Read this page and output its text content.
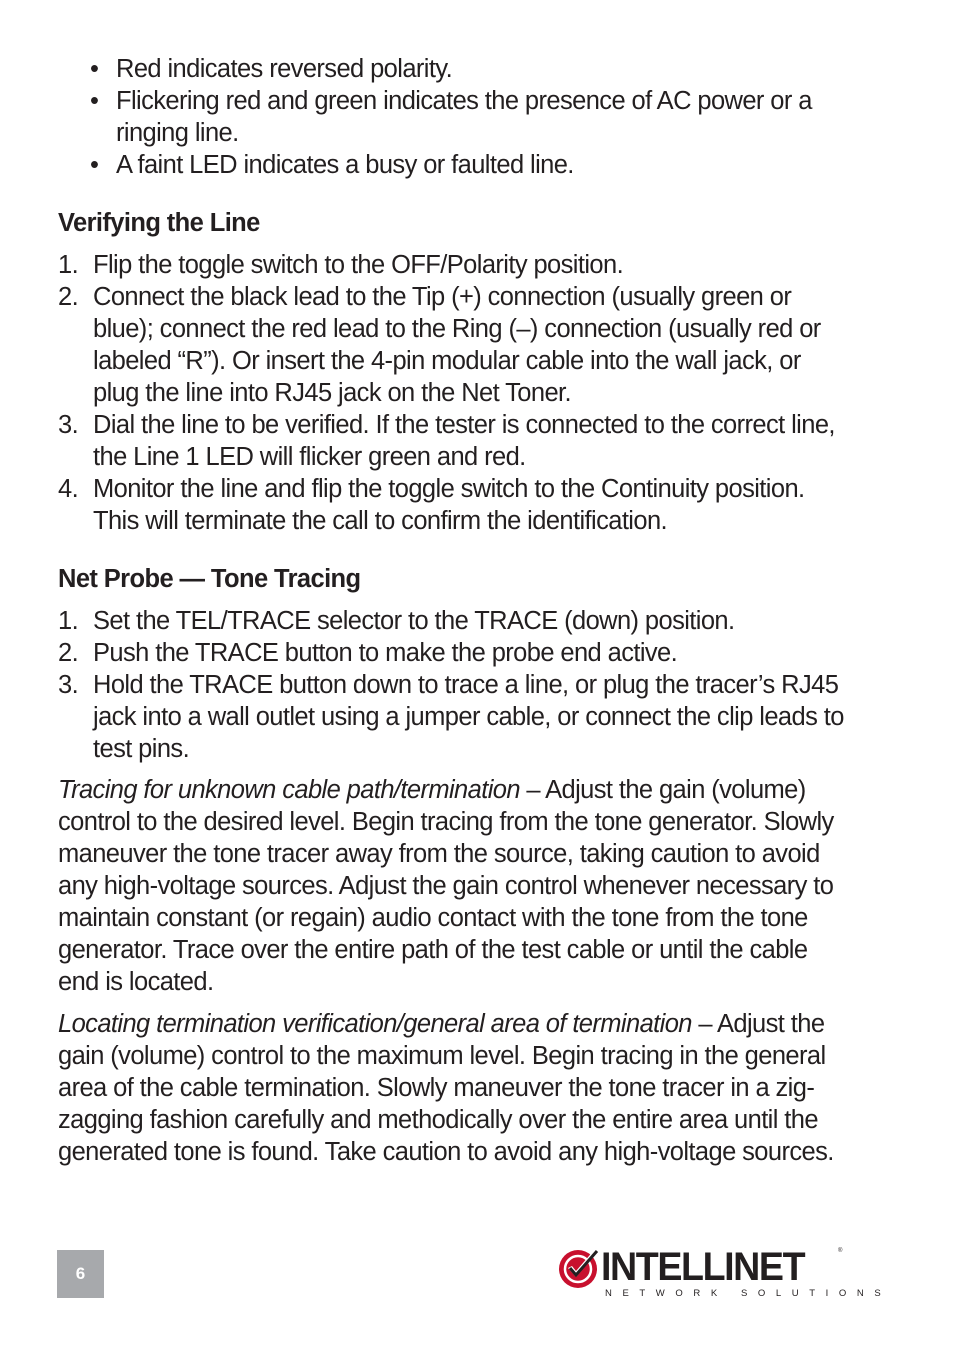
• Red indicates reversed polarity.
• Flickering red and green indicates the presence of AC power or a ringing line.
• A faint LED indicates a busy or faulted line.
Verifying the Line
1. Flip the toggle switch to the OFF/Polarity position.
2. Connect the black lead to the Tip (+) connection (usually green or blue); connect the red lead to the Ring (–) connection (usually red or labeled “R”). Or insert the 4-pin modular cable into the wall jack, or plug the line into RJ45 jack on the Net Toner.
3. Dial the line to be verified. If the tester is connected to the correct line, the Line 1 LED will flicker green and red.
4. Monitor the line and flip the toggle switch to the Continuity position. This will terminate the call to confirm the identification.
Net Probe — Tone Tracing
1. Set the TEL/TRACE selector to the TRACE (down) position.
2. Push the TRACE button to make the probe end active.
3. Hold the TRACE button down to trace a line, or plug the tracer’s RJ45 jack into a wall outlet using a jumper cable, or connect the clip leads to test pins.

Tracing for unknown cable path/termination – Adjust the gain (volume) control to the desired level. Begin tracing from the tone generator. Slowly maneuver the tone tracer away from the source, taking caution to avoid any high-voltage sources. Adjust the gain control whenever necessary to maintain constant (or regain) audio contact with the tone from the tone generator. Trace over the entire path of the test cable or until the cable end is located.

Locating termination verification/general area of termination – Adjust the gain (volume) control to the maximum level. Begin tracing in the general area of the cable termination. Slowly maneuver the tone tracer in a zig-zagging fashion carefully and methodically over the entire area until the generated tone is found. Take caution to avoid any high-voltage sources.

6	INTELLINET	®
NETWORK SOLUTIONS
